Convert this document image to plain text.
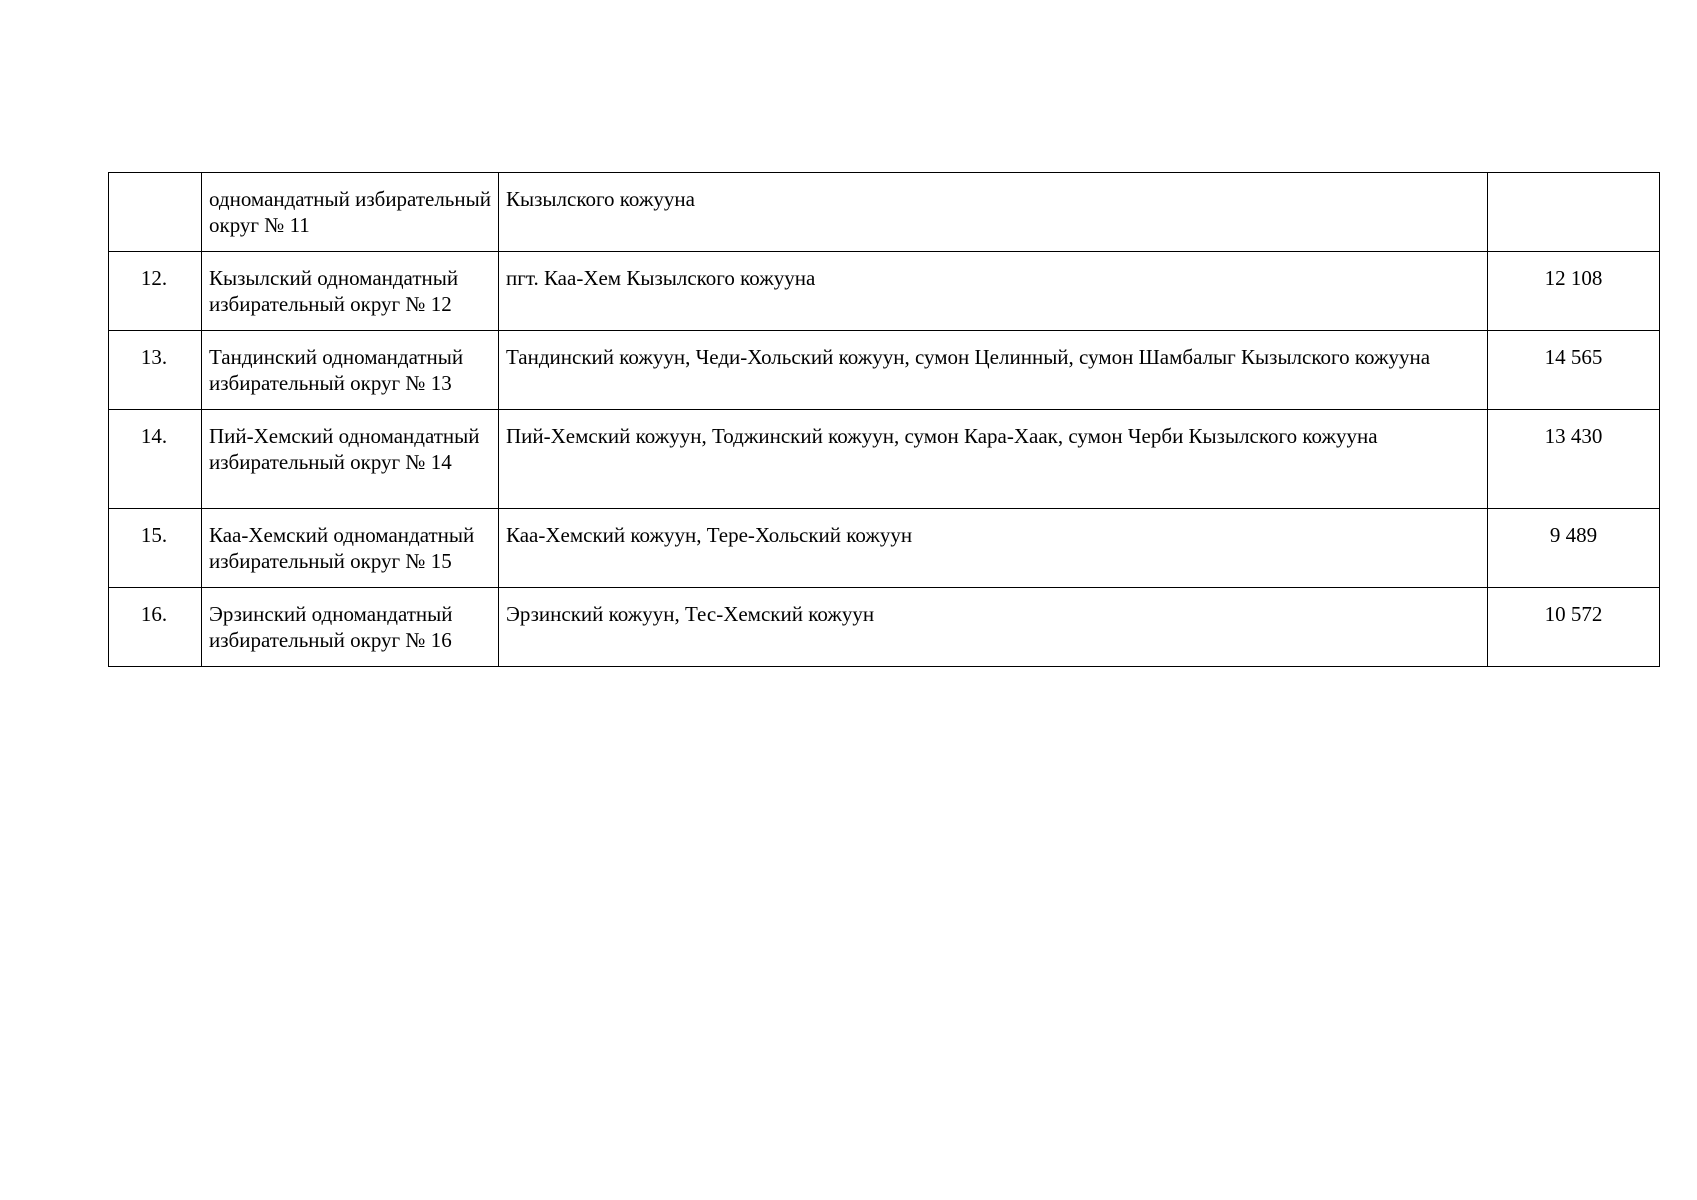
	одномандатный избирательный округ № 11	Кызылского кожууна	
12.	Кызылский одномандатный избирательный округ № 12	пгт. Каа-Хем Кызылского кожууна	12 108
13.	Тандинский одномандатный избирательный округ № 13	Тандинский кожуун, Чеди-Хольский кожуун, сумон Целинный, сумон Шамбалыг Кызылского кожууна	14 565
14.	Пий-Хемский одномандатный избирательный округ № 14	Пий-Хемский кожуун, Тоджинский кожуун, сумон Кара-Хаак, сумон Черби Кызылского кожууна	13 430
15.	Каа-Хемский одномандатный избирательный округ № 15	Каа-Хемский кожуун, Тере-Хольский кожуун	9 489
16.	Эрзинский одномандатный избирательный округ № 16	Эрзинский кожуун, Тес-Хемский кожуун	10 572
